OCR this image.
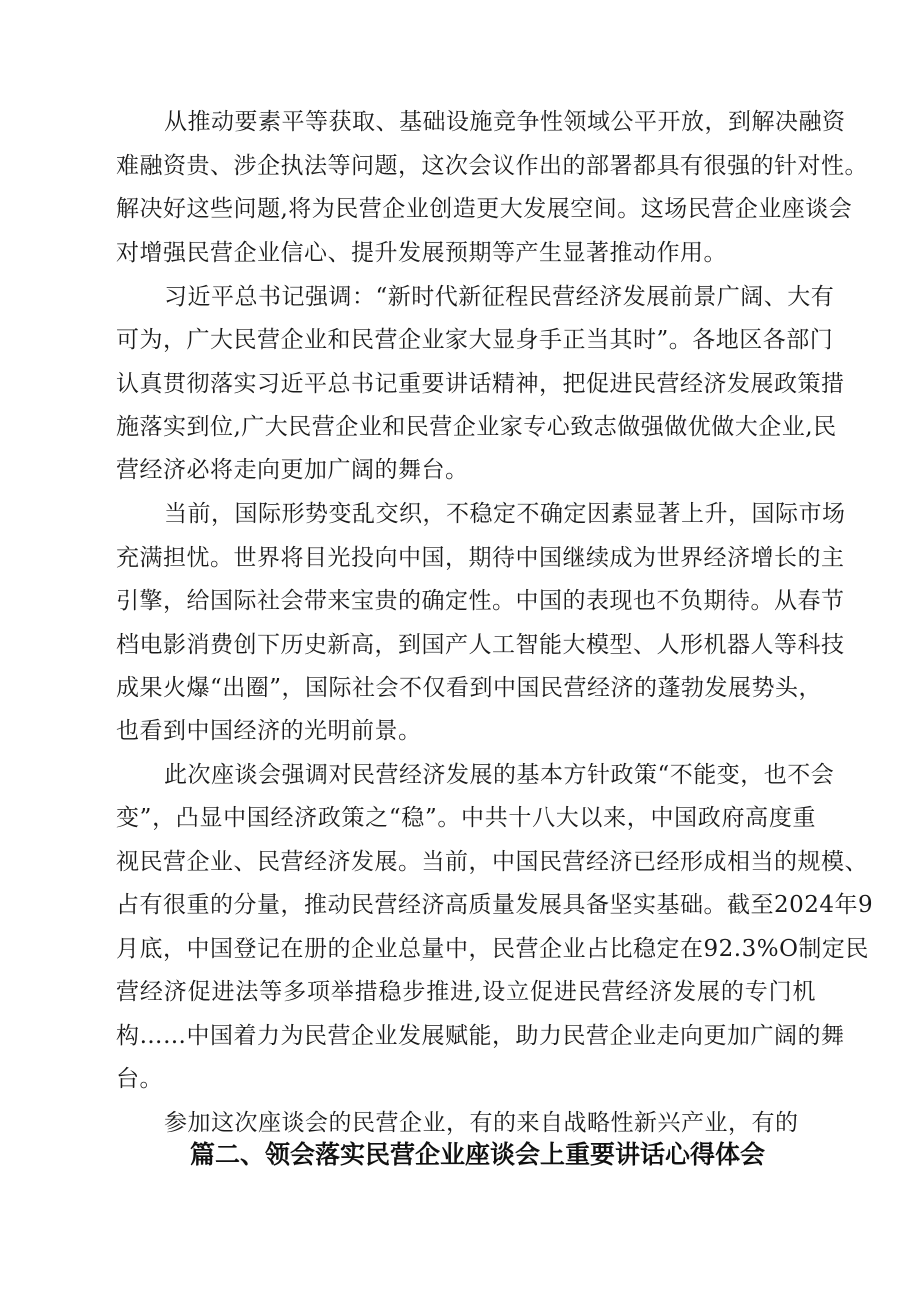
从推动要素平等获取、基础设施竞争性领域公平开放，到解决融资
难融资贵、涉企执法等问题，这次会议作出的部署都具有很强的针对性。
解决好这些问题,将为民营企业创造更大发展空间。这场民营企业座谈会
对增强民营企业信心、提升发展预期等产生显著推动作用。
习近平总书记强调：“新时代新征程民营经济发展前景广阔、大有
可为，广大民营企业和民营企业家大显身手正当其时”。各地区各部门
认真贯彻落实习近平总书记重要讲话精神，把促进民营经济发展政策措
施落实到位,广大民营企业和民营企业家专心致志做强做优做大企业,民
营经济必将走向更加广阔的舞台。
当前，国际形势变乱交织，不稳定不确定因素显著上升，国际市场
充满担忧。世界将目光投向中国，期待中国继续成为世界经济增长的主
引擎，给国际社会带来宝贵的确定性。中国的表现也不负期待。从春节
档电影消费创下历史新高，到国产人工智能大模型、人形机器人等科技
成果火爆“出圈”，国际社会不仅看到中国民营经济的蓬勃发展势头，
也看到中国经济的光明前景。
此次座谈会强调对民营经济发展的基本方针政策“不能变，也不会
变”，凸显中国经济政策之“稳”。中共十八大以来，中国政府高度重
视民营企业、民营经济发展。当前，中国民营经济已经形成相当的规模、
占有很重的分量，推动民营经济高质量发展具备坚实基础。截至2024年9
月底，中国登记在册的企业总量中，民营企业占比稳定在92.3%O制定民
营经济促进法等多项举措稳步推进,设立促进民营经济发展的专门机
构……中国着力为民营企业发展赋能，助力民营企业走向更加广阔的舞
台。
参加这次座谈会的民营企业，有的来自战略性新兴产业，有的
篇二、领会落实民营企业座谈会上重要讲话心得体会
